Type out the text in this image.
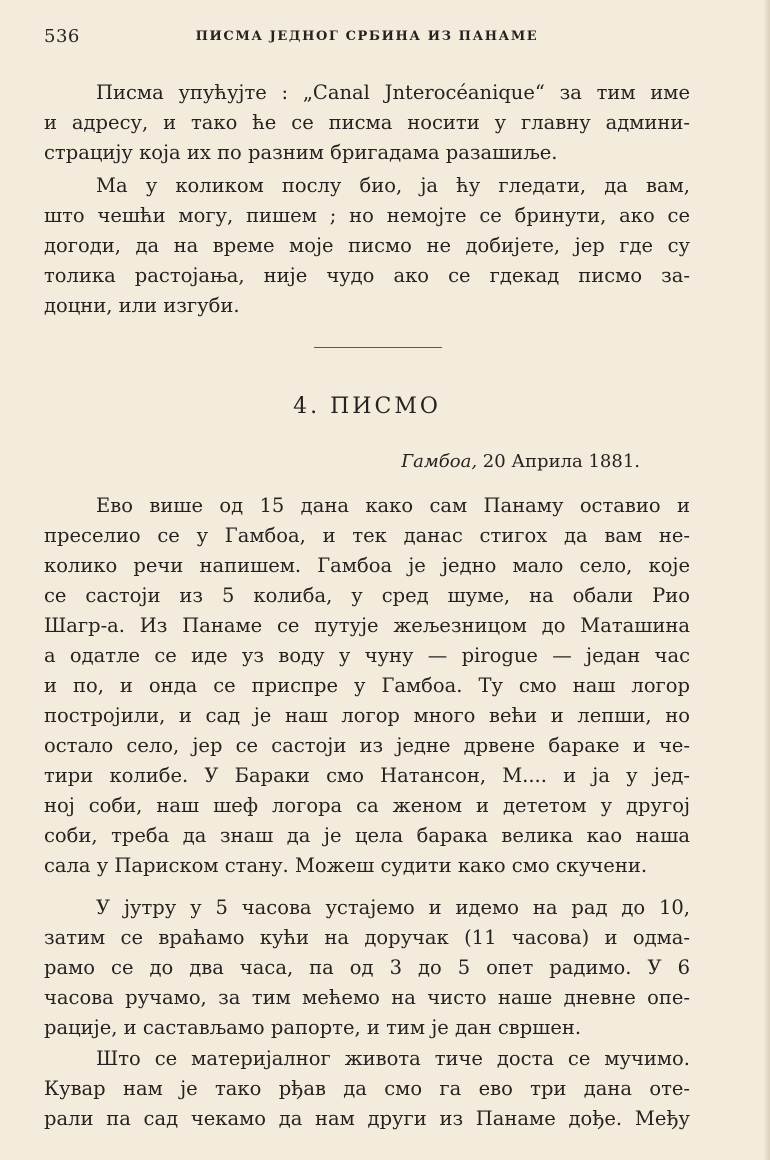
536	ПИСМА ЈЕДНОГ СРБИНА ИЗ ПАНАМЕ

Писма упућујте : „Canal Jnterocéanique“ за тим име
и адресу, и тако ће се писма носити у главну админи-
страцију која их по разним бригадама разашиље.

Ма у коликом послу био, ја ћу гледати, да вам,
што чешћи могу, пишем ; но немојте се бринути, ако се
догоди, да на време моје писмо не добијете, јер где су
толика растојања, није чудо ако се гдекад писмо за-
доцни, или изгуби.

4. ПИСМО
Гамбоа, 20 Априла 1881.

Ево више од 15 дана како сам Панаму оставио и
преселио се у Гамбоа, и тек данас стигох да вам не-
колико речи напишем. Гамбоа је једно мало село, које
се састоји из 5 колиба, у сред шуме, на обали Рио
Шагр-а. Из Панаме се путује жељезницом до Маташина
а одатле се иде уз воду у чуну — pirogue — један час
и по, и онда се приспре у Гамбоа. Ту смо наш логор
постројили, и сад је наш логор много већи и лепши, но
остало село, јер се састоји из једне дрвене бараке и че-
тири колибе. У Бараки смо Натансон, М.... и ја у јед-
ној соби, наш шеф логора са женом и дететом у другој
соби, треба да знаш да је цела барака велика као наша
сала у Париском стану. Можеш судити како смо скучени.

У јутру у 5 часова устајемо и идемо на рад до 10,
затим се враћамо кући на доручак (11 часова) и одма-
рамо се до два часа, па од 3 до 5 опет радимо. У 6
часова ручамо, за тим мећемо на чисто наше дневне опе-
рације, и састављамо рапорте, и тим је дан свршен.

Што се материјалног живота тиче доста се мучимо.
Кувар нам је тако рђав да смо га ево три дана оте-
рали па сад чекамо да нам други из Панаме дође. Међу
